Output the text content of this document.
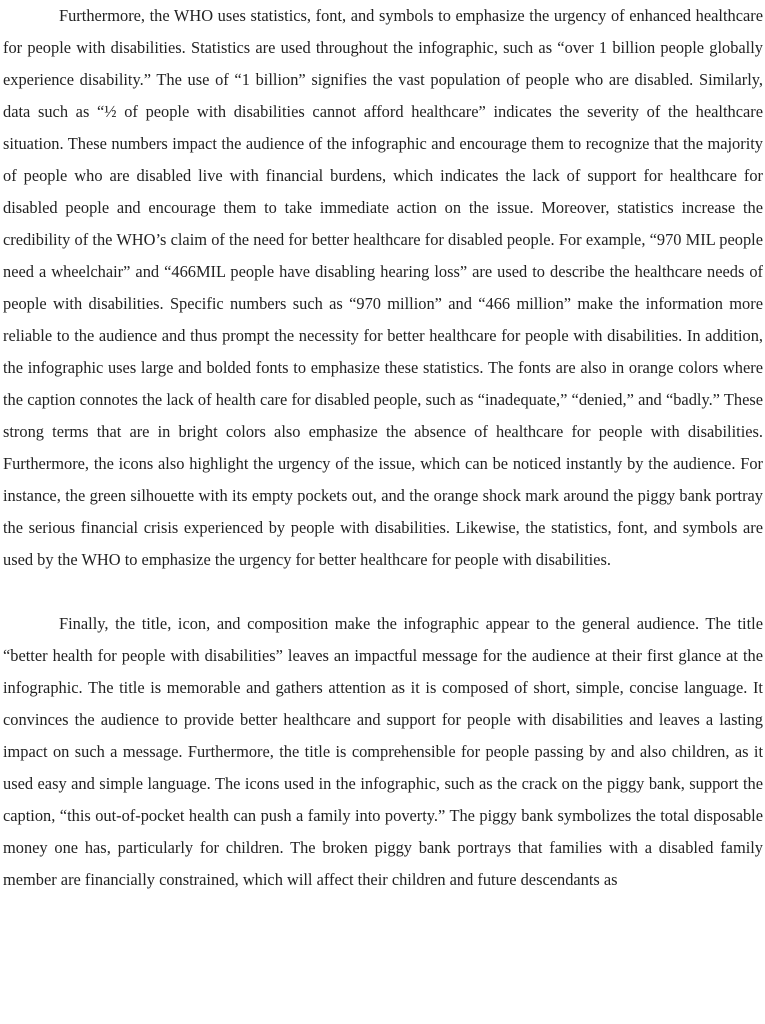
Furthermore, the WHO uses statistics, font, and symbols to emphasize the urgency of enhanced healthcare for people with disabilities. Statistics are used throughout the infographic, such as “over 1 billion people globally experience disability.” The use of “1 billion” signifies the vast population of people who are disabled. Similarly, data such as “½ of people with disabilities cannot afford healthcare” indicates the severity of the healthcare situation. These numbers impact the audience of the infographic and encourage them to recognize that the majority of people who are disabled live with financial burdens, which indicates the lack of support for healthcare for disabled people and encourage them to take immediate action on the issue. Moreover, statistics increase the credibility of the WHO’s claim of the need for better healthcare for disabled people. For example, “970 MIL people need a wheelchair” and “466MIL people have disabling hearing loss” are used to describe the healthcare needs of people with disabilities. Specific numbers such as “970 million” and “466 million” make the information more reliable to the audience and thus prompt the necessity for better healthcare for people with disabilities. In addition, the infographic uses large and bolded fonts to emphasize these statistics. The fonts are also in orange colors where the caption connotes the lack of health care for disabled people, such as “inadequate,” “denied,” and “badly.” These strong terms that are in bright colors also emphasize the absence of healthcare for people with disabilities. Furthermore, the icons also highlight the urgency of the issue, which can be noticed instantly by the audience. For instance, the green silhouette with its empty pockets out, and the orange shock mark around the piggy bank portray the serious financial crisis experienced by people with disabilities. Likewise, the statistics, font, and symbols are used by the WHO to emphasize the urgency for better healthcare for people with disabilities.

Finally, the title, icon, and composition make the infographic appear to the general audience. The title “better health for people with disabilities” leaves an impactful message for the audience at their first glance at the infographic. The title is memorable and gathers attention as it is composed of short, simple, concise language. It convinces the audience to provide better healthcare and support for people with disabilities and leaves a lasting impact on such a message. Furthermore, the title is comprehensible for people passing by and also children, as it used easy and simple language. The icons used in the infographic, such as the crack on the piggy bank, support the caption, “this out-of-pocket health can push a family into poverty.” The piggy bank symbolizes the total disposable money one has, particularly for children. The broken piggy bank portrays that families with a disabled family member are financially constrained, which will affect their children and future descendants as
